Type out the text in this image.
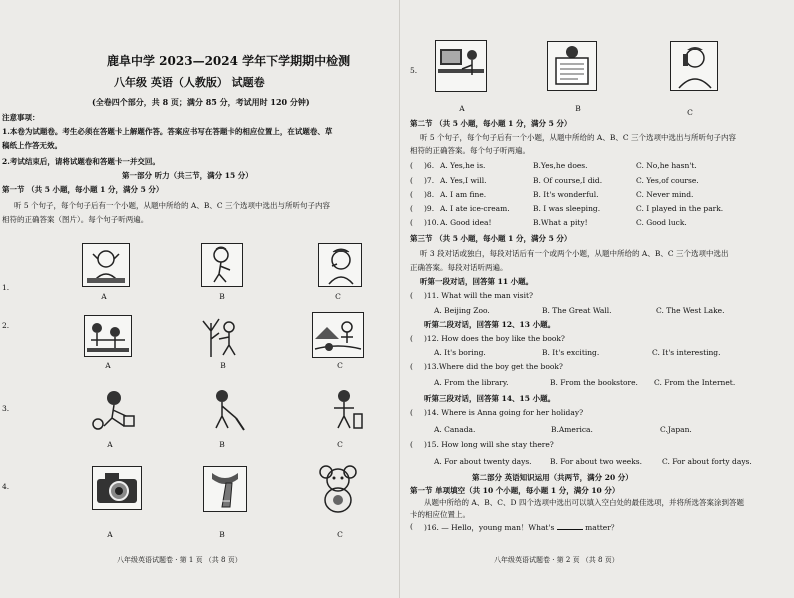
鹿阜中学 2023—2024 学年下学期期中检测
八年级 英语（人教版） 试题卷
(全卷四个部分，共 8 页；满分 85 分，考试用时 120 分钟)
注意事项：
1.本卷为试题卷。考生必须在答题卡上解题作答。答案应书写在答题卡的相应位置上，在试题卷、草
稿纸上作答无效。
2.考试结束后，请将试题卷和答题卡一并交回。
第一部分 听力（共三节，满分 15 分）
第一节 （共 5 小题，每小题 1 分，满分 5 分）
听 5 个句子，每个句子后有一个小题，从题中所给的 A、B、C 三个选项中选出与所听句子内容
相符的正确答案（图片）。每个句子听两遍。
1.
A	B	C
2.
A	B	C
3.
A	B	C
4.
A	B	C
八年级英语试题卷 · 第 1 页 （共 8 页）
5.
A	B	C
第二节 （共 5 小题，每小题 1 分，满分 5 分）
听 5 个句子，每个句子后有一个小题，从题中所给的 A、B、C 三个选项中选出与所听句子内容
相符的正确答案。每个句子听两遍。
( )6. A. Yes,he is.	B.Yes,he does.	C. No,he hasn't.
( )7. A. Yes,I will.	B. Of course,I did.	C. Yes,of course.
( )8. A. I am fine.	B. It's wonderful.	C. Never mind.
( )9. A. I ate ice-cream.	B. I was sleeping.	C. I played in the park.
( )10. A. Good idea!	B.What a pity!	C. Good luck.
第三节 （共 5 小题，每小题 1 分，满分 5 分）
听 3 段对话或独白，每段对话后有一个或两个小题，从题中所给的 A、B、C 三个选项中选出
正确答案。每段对话听两遍。
听第一段对话，回答第 11 小题。
( )11. What will the man visit?
A. Beijing Zoo.	B. The Great Wall.	C. The West Lake.
听第二段对话，回答第 12、13 小题。
( )12. How does the boy like the book?
A. It's boring.	B. It's exciting.	C. It's interesting.
( )13.Where did the boy get the book?
A. From the library.	B. From the bookstore. C. From the Internet.
听第三段对话，回答第 14、15 小题。
( )14. Where is Anna going for her holiday?
A. Canada.	B.America.	C.Japan.
( )15. How long will she stay there?
A. For about twenty days. B. For about two weeks.	C. For about forty days.
第二部分 英语知识运用（共两节，满分 20 分）
第一节 单项填空（共 10 个小题，每小题 1 分，满分 10 分）
从题中所给的 A、B、C、D 四个选项中选出可以填入空白处的最佳选项，并将所选答案涂到答题
卡的相应位置上。
( )16. — Hello，young man！What's	matter？
八年级英语试题卷 · 第 2 页 （共 8 页）
